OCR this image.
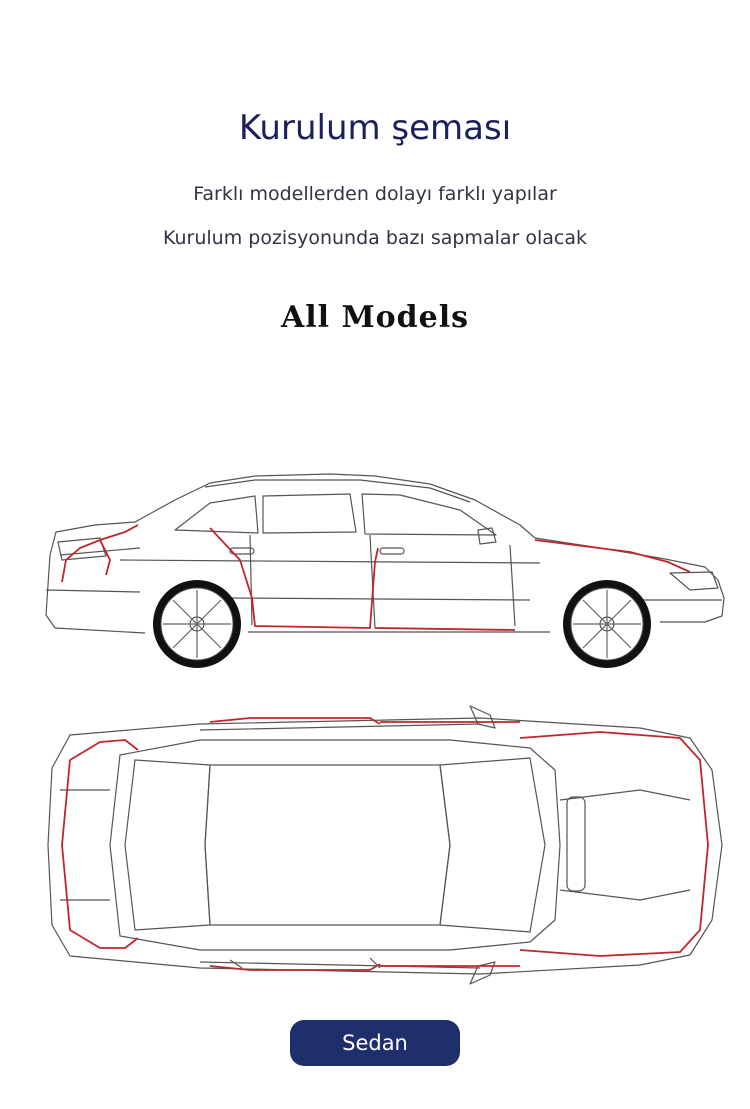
Kurulum şeması
Farklı modellerden dolayı farklı yapılar
Kurulum pozisyonunda bazı sapmalar olacak
All Models
Sedan
